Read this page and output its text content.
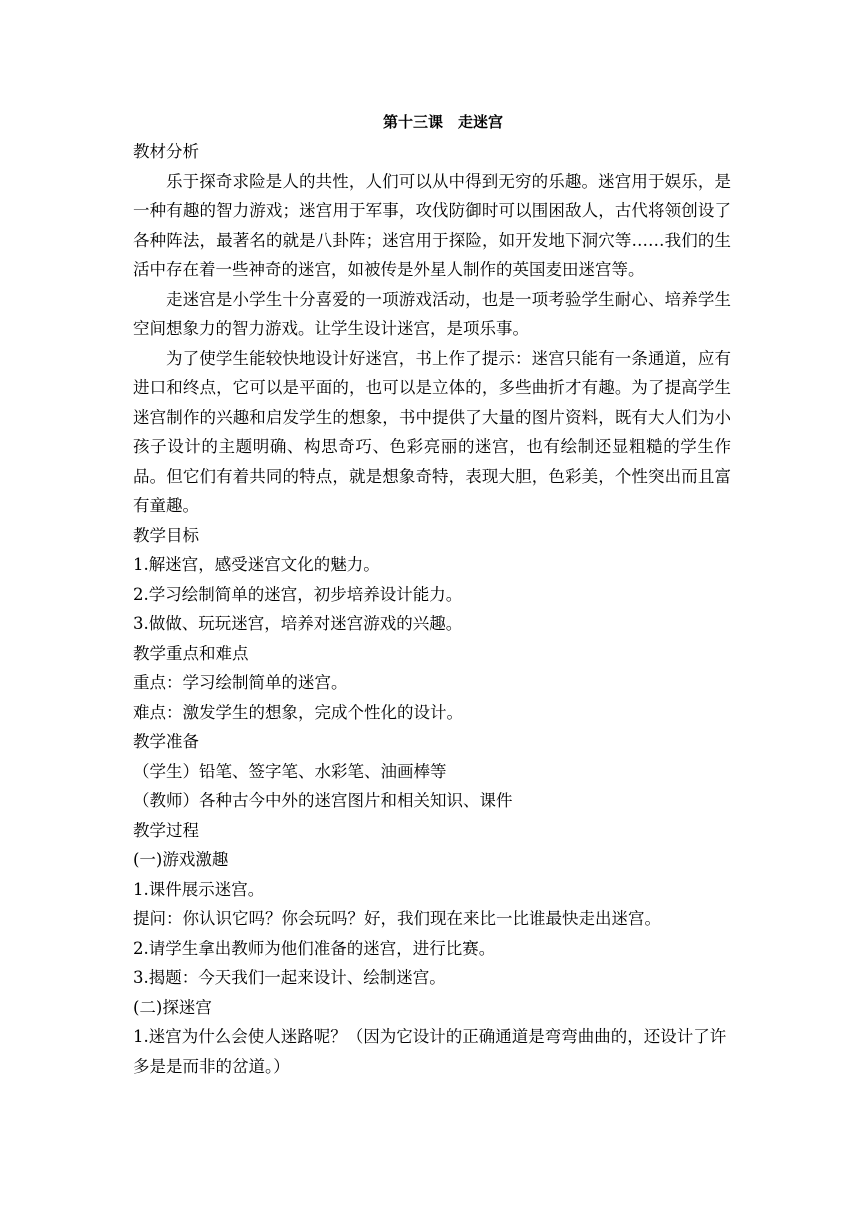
第十三课　走迷宫

教材分析

乐于探奇求险是人的共性，人们可以从中得到无穷的乐趣。迷宫用于娱乐，是一种有趣的智力游戏；迷宫用于军事，攻伐防御时可以围困敌人，古代将领创设了各种阵法，最著名的就是八卦阵；迷宫用于探险，如开发地下洞穴等……我们的生活中存在着一些神奇的迷宫，如被传是外星人制作的英国麦田迷宫等。

走迷宫是小学生十分喜爱的一项游戏活动，也是一项考验学生耐心、培养学生空间想象力的智力游戏。让学生设计迷宫，是项乐事。

为了使学生能较快地设计好迷宫，书上作了提示：迷宫只能有一条通道，应有进口和终点，它可以是平面的，也可以是立体的，多些曲折才有趣。为了提高学生迷宫制作的兴趣和启发学生的想象，书中提供了大量的图片资料，既有大人们为小孩子设计的主题明确、构思奇巧、色彩亮丽的迷宫，也有绘制还显粗糙的学生作品。但它们有着共同的特点，就是想象奇特，表现大胆，色彩美，个性突出而且富有童趣。

教学目标

1.解迷宫，感受迷宫文化的魅力。

2.学习绘制简单的迷宫，初步培养设计能力。

3.做做、玩玩迷宫，培养对迷宫游戏的兴趣。

教学重点和难点

重点：学习绘制简单的迷宫。

难点：激发学生的想象，完成个性化的设计。

教学准备

（学生）铅笔、签字笔、水彩笔、油画棒等

（教师）各种古今中外的迷宫图片和相关知识、课件

教学过程

(一)游戏激趣

1.课件展示迷宫。

提问：你认识它吗？你会玩吗？好，我们现在来比一比谁最快走出迷宫。

2.请学生拿出教师为他们准备的迷宫，进行比赛。

3.揭题：今天我们一起来设计、绘制迷宫。

(二)探迷宫

1.迷宫为什么会使人迷路呢？（因为它设计的正确通道是弯弯曲曲的，还设计了许多是是而非的岔道。）
